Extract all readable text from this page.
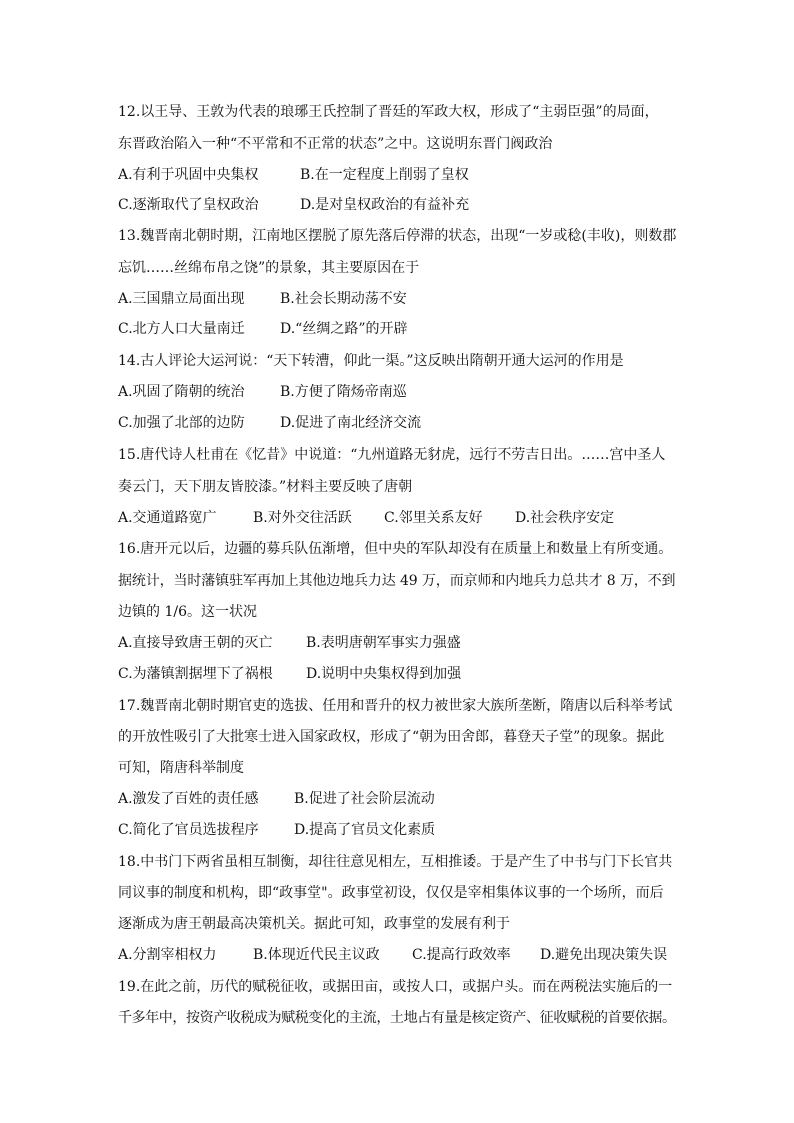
12.以王导、王敦为代表的琅琊王氏控制了晋廷的军政大权，形成了“主弱臣强”的局面，
东晋政治陷入一种“不平常和不正常的状态”之中。这说明东晋门阀政治
A.有利于巩固中央集权	B.在一定程度上削弱了皇权
C.逐渐取代了皇权政治	D.是对皇权政治的有益补充
13.魏晋南北朝时期，江南地区摆脱了原先落后停滞的状态，出现“一岁或稔(丰收)，则数郡
忘饥……丝绵布帛之饶”的景象，其主要原因在于
A.三国鼎立局面出现	B.社会长期动荡不安
C.北方人口大量南迁	D.“丝绸之路”的开辟
14.古人评论大运河说：“天下转漕，仰此一渠。”这反映出隋朝开通大运河的作用是
A.巩固了隋朝的统治	B.方便了隋炀帝南巡
C.加强了北部的边防	D.促进了南北经济交流
15.唐代诗人杜甫在《忆昔》中说道：“九州道路无豺虎，远行不劳吉日出。……宫中圣人
奏云门，天下朋友皆胶漆。”材料主要反映了唐朝
A.交通道路宽广	B.对外交往活跃 C.邻里关系友好 D.社会秩序安定
16.唐开元以后，边疆的募兵队伍渐增，但中央的军队却没有在质量上和数量上有所变通。
据统计，当时藩镇驻军再加上其他边地兵力达 49 万，而京师和内地兵力总共才 8 万，不到
边镇的 1/6。这一状况
A.直接导致唐王朝的灭亡 B.表明唐朝军事实力强盛
C.为藩镇割据埋下了祸根 D.说明中央集权得到加强
17.魏晋南北朝时期官吏的选拔、任用和晋升的权力被世家大族所垄断，隋唐以后科举考试
的开放性吸引了大批寒士进入国家政权，形成了“朝为田舍郎，暮登天子堂”的现象。据此
可知，隋唐科举制度
A.激发了百姓的责任感	B.促进了社会阶层流动
C.简化了官员选拔程序	D.提高了官员文化素质
18.中书门下两省虽相互制衡，却往往意见相左，互相推诿。于是产生了中书与门下长官共
同议事的制度和机构，即“政事堂"。政事堂初设，仅仅是宰相集体议事的一个场所，而后
逐渐成为唐王朝最高决策机关。据此可知，政事堂的发展有利于
A.分割宰相权力	B.体现近代民主议政 C.提高行政效率 D.避免出现决策失误
19.在此之前，历代的赋税征收，或据田亩，或按人口，或据户头。而在两税法实施后的一
千多年中，按资产收税成为赋税变化的主流，土地占有量是核定资产、征收赋税的首要依据。
